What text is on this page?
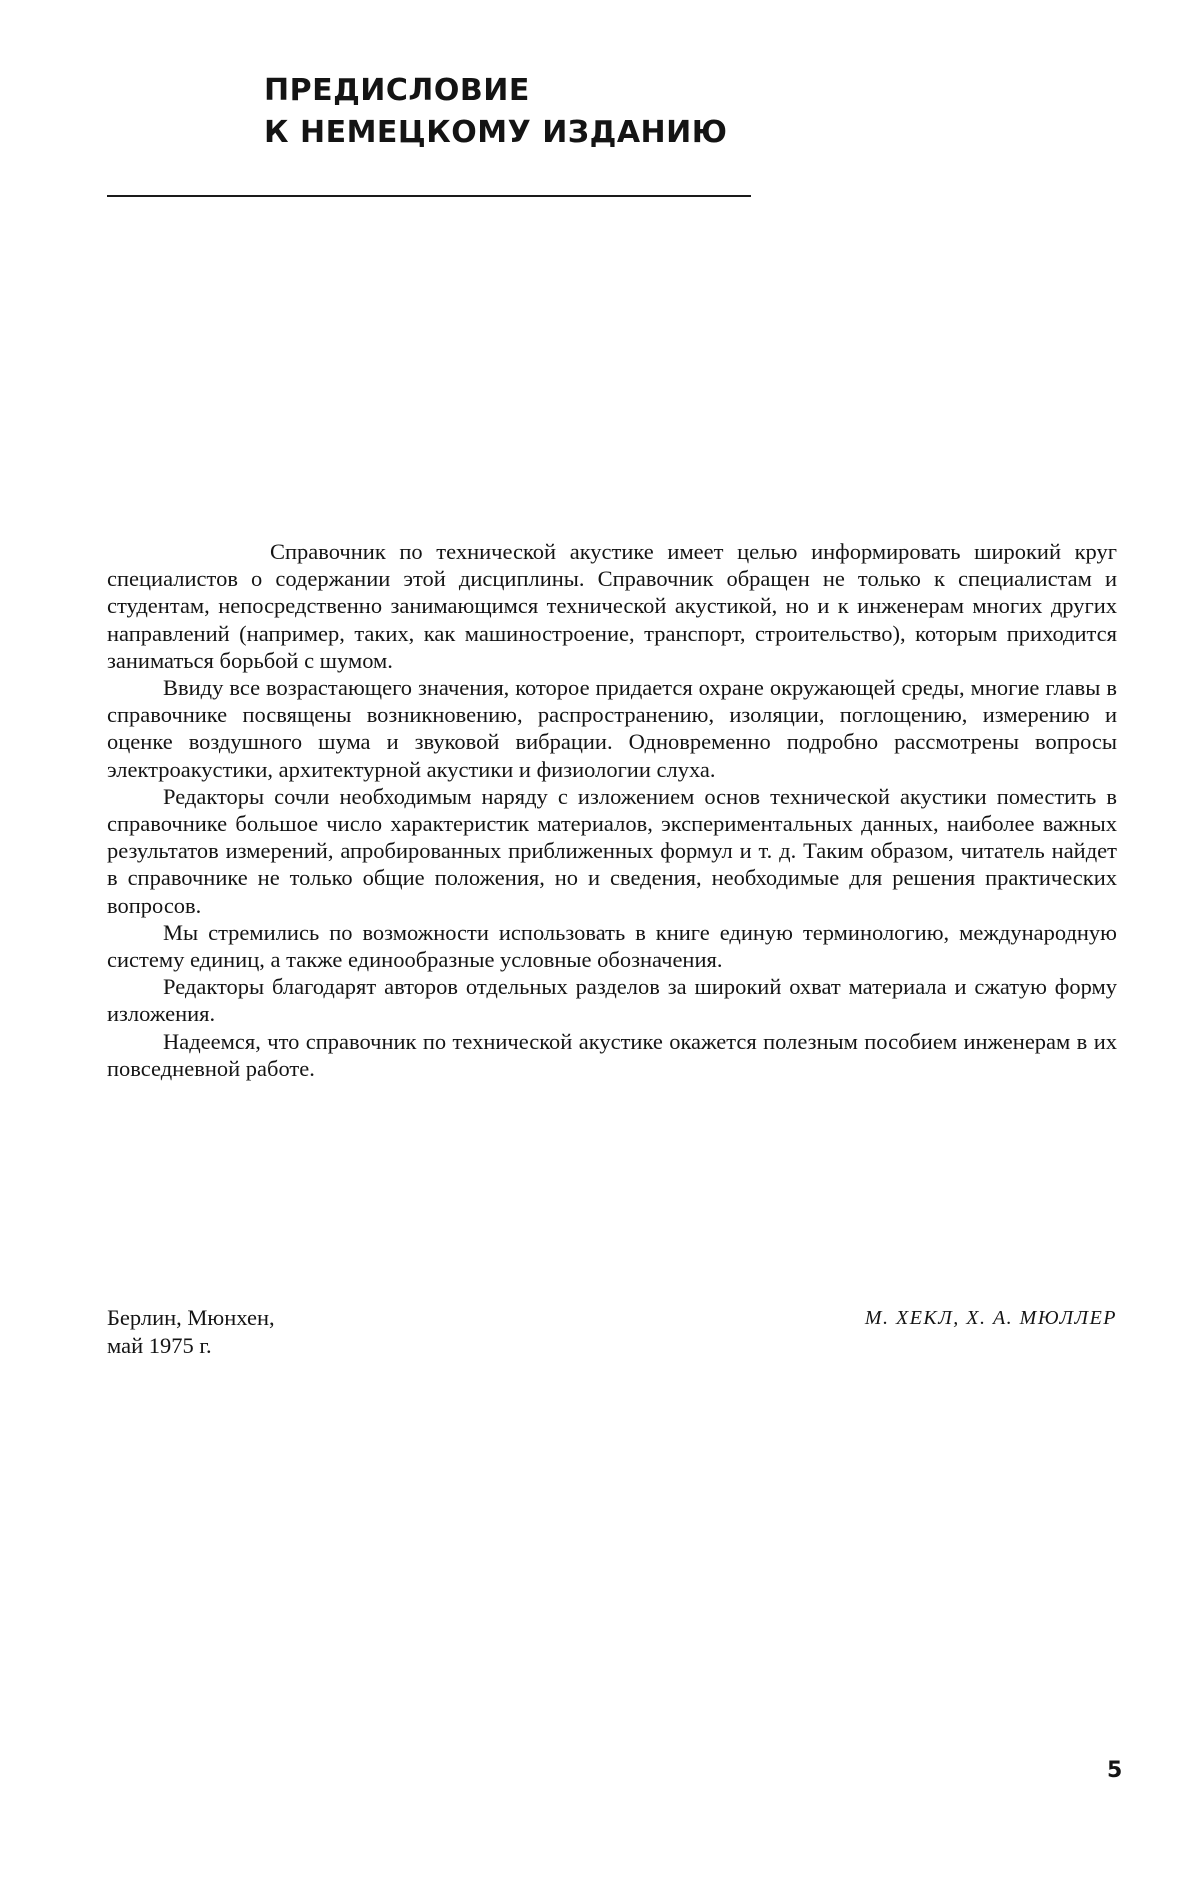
ПРЕДИСЛОВИЕ
К НЕМЕЦКОМУ ИЗДАНИЮ

Справочник по технической акустике имеет целью информировать широкий круг специалистов о содержании этой дисциплины. Справочник обращен не только к специалистам и студентам, непосредственно занимающимся технической акустикой, но и к инженерам многих других направлений (например, таких, как машиностроение, транспорт, строительство), которым приходится заниматься борьбой с шумом.

Ввиду все возрастающего значения, которое придается охране окружающей среды, многие главы в справочнике посвящены возникновению, распространению, изоляции, поглощению, измерению и оценке воздушного шума и звуковой вибрации. Одновременно подробно рассмотрены вопросы электроакустики, архитектурной акустики и физиологии слуха.

Редакторы сочли необходимым наряду с изложением основ технической акустики поместить в справочнике большое число характеристик материалов, экспериментальных данных, наиболее важных результатов измерений, апробированных приближенных формул и т. д. Таким образом, читатель найдет в справочнике не только общие положения, но и сведения, необходимые для решения практических вопросов.

Мы стремились по возможности использовать в книге единую терминологию, международную систему единиц, а также единообразные условные обозначения.

Редакторы благодарят авторов отдельных разделов за широкий охват материала и сжатую форму изложения.

Надеемся, что справочник по технической акустике окажется полезным пособием инженерам в их повседневной работе.

Берлин, Мюнхен,
май 1975 г.
М. ХЕКЛ, Х. А. МЮЛЛЕР
5
